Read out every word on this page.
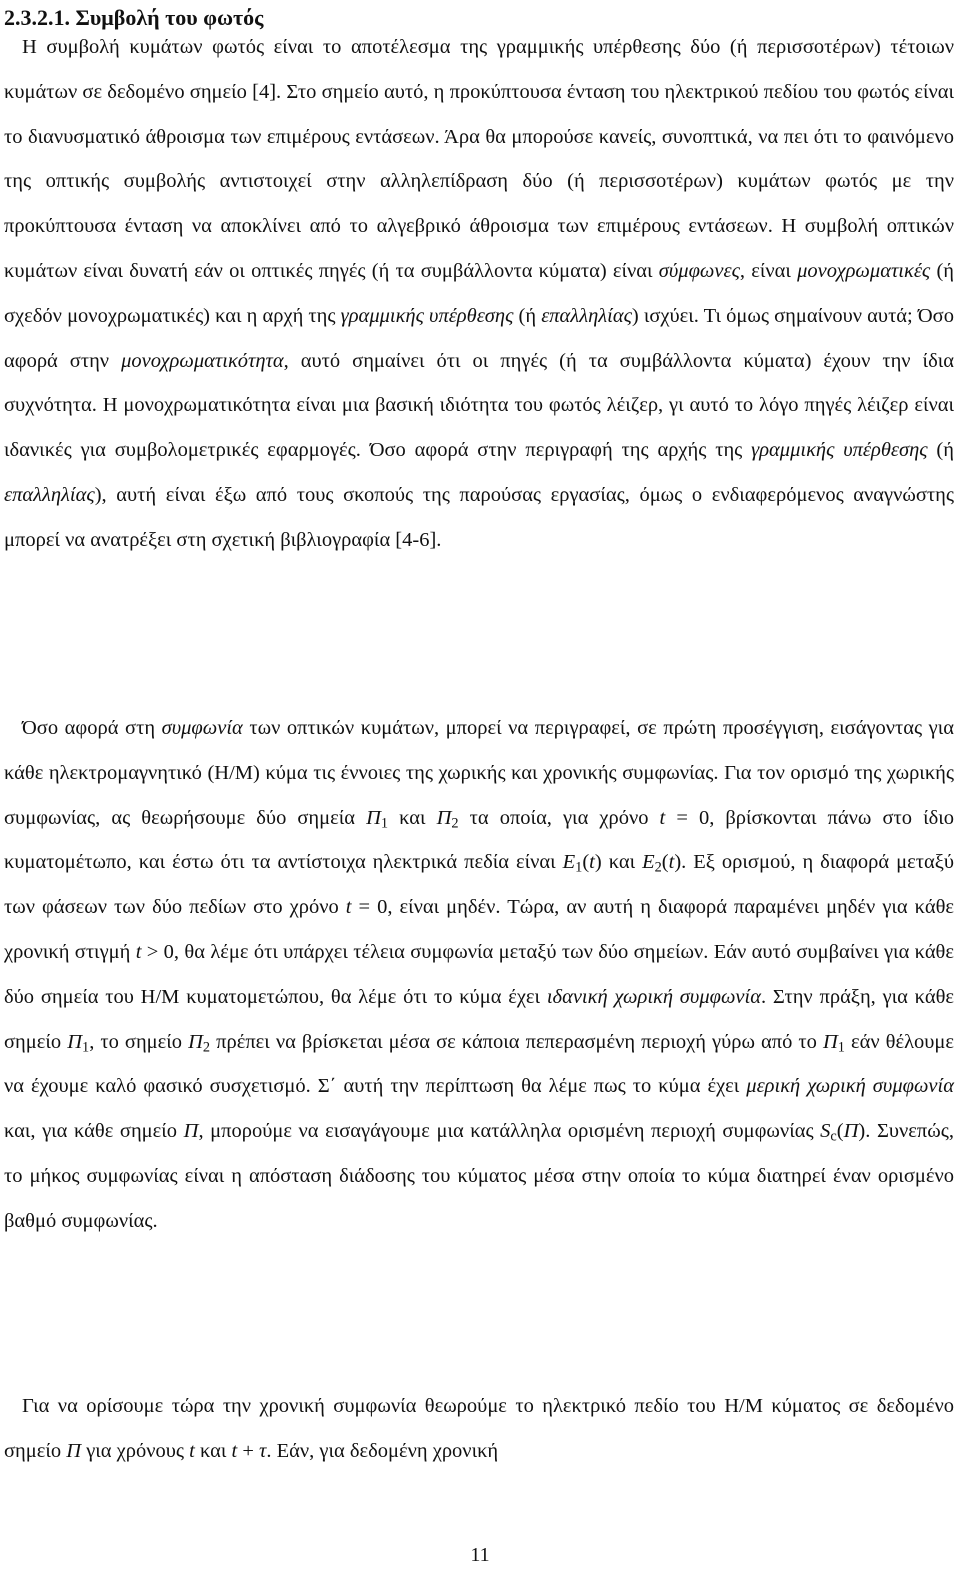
2.3.2.1. Συμβολή του φωτός

Η συμβολή κυμάτων φωτός είναι το αποτέλεσμα της γραμμικής υπέρθεσης δύο (ή περισσοτέρων) τέτοιων κυμάτων σε δεδομένο σημείο [4]. Στο σημείο αυτό, η προκύπτουσα ένταση του ηλεκτρικού πεδίου του φωτός είναι το διανυσματικό άθροισμα των επιμέρους εντάσεων. Άρα θα μπορούσε κανείς, συνοπτικά, να πει ότι το φαινόμενο της οπτικής συμβολής αντιστοιχεί στην αλληλεπίδραση δύο (ή περισσοτέρων) κυμάτων φωτός με την προκύπτουσα ένταση να αποκλίνει από το αλγεβρικό άθροισμα των επιμέρους εντάσεων. Η συμβολή οπτικών κυμάτων είναι δυνατή εάν οι οπτικές πηγές (ή τα συμβάλλοντα κύματα) είναι σύμφωνες, είναι μονοχρωματικές (ή σχεδόν μονοχρωματικές) και η αρχή της γραμμικής υπέρθεσης (ή επαλληλίας) ισχύει. Τι όμως σημαίνουν αυτά; Όσο αφορά στην μονοχρωματικότητα, αυτό σημαίνει ότι οι πηγές (ή τα συμβάλλοντα κύματα) έχουν την ίδια συχνότητα. Η μονοχρωματικότητα είναι μια βασική ιδιότητα του φωτός λέιζερ, γι αυτό το λόγο πηγές λέιζερ είναι ιδανικές για συμβολομετρικές εφαρμογές. Όσο αφορά στην περιγραφή της αρχής της γραμμικής υπέρθεσης (ή επαλληλίας), αυτή είναι έξω από τους σκοπούς της παρούσας εργασίας, όμως ο ενδιαφερόμενος αναγνώστης μπορεί να ανατρέξει στη σχετική βιβλιογραφία [4-6].

Όσο αφορά στη συμφωνία των οπτικών κυμάτων, μπορεί να περιγραφεί, σε πρώτη προσέγγιση, εισάγοντας για κάθε ηλεκτρομαγνητικό (Η/Μ) κύμα τις έννοιες της χωρικής και χρονικής συμφωνίας. Για τον ορισμό της χωρικής συμφωνίας, ας θεωρήσουμε δύο σημεία $\Pi_1$ και $\Pi_2$ τα οποία, για χρόνο t = 0, βρίσκονται πάνω στο ίδιο κυματομέτωπο, και έστω ότι τα αντίστοιχα ηλεκτρικά πεδία είναι $E_1(t)$ και $E_2(t)$. Εξ ορισμού, η διαφορά μεταξύ των φάσεων των δύο πεδίων στο χρόνο t = 0, είναι μηδέν. Τώρα, αν αυτή η διαφορά παραμένει μηδέν για κάθε χρονική στιγμή t > 0, θα λέμε ότι υπάρχει τέλεια συμφωνία μεταξύ των δύο σημείων. Εάν αυτό συμβαίνει για κάθε δύο σημεία του Η/Μ κυματομετώπου, θα λέμε ότι το κύμα έχει ιδανική χωρική συμφωνία. Στην πράξη, για κάθε σημείο $\Pi_1$, το σημείο $\Pi_2$ πρέπει να βρίσκεται μέσα σε κάποια πεπερασμένη περιοχή γύρω από το $\Pi_1$ εάν θέλουμε να έχουμε καλό φασικό συσχετισμό. Σ΄ αυτή την περίπτωση θα λέμε πως το κύμα έχει μερική χωρική συμφωνία και, για κάθε σημείο Π, μπορούμε να εισαγάγουμε μια κατάλληλα ορισμένη περιοχή συμφωνίας $S_c(\Pi)$. Συνεπώς, το μήκος συμφωνίας είναι η απόσταση διάδοσης του κύματος μέσα στην οποία το κύμα διατηρεί έναν ορισμένο βαθμό συμφωνίας.

Για να ορίσουμε τώρα την χρονική συμφωνία θεωρούμε το ηλεκτρικό πεδίο του Η/Μ κύματος σε δεδομένο σημείο Π για χρόνους t και t + τ. Εάν, για δεδομένη χρονική

11
